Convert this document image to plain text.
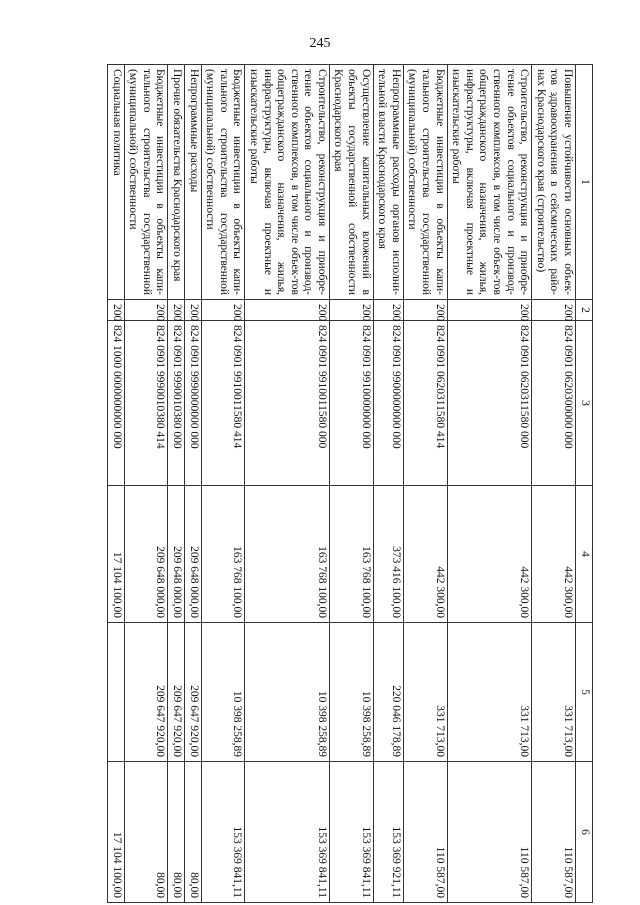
245
1	2	3	4	5	6
Повышение устойчивости основных объек-тов здравоохранения в сейсмических райо-нах Краснодарского края (строительство)	200	824 0901 0620300000 000	442 300,00	331 713,00	110 587,00
Строительство, реконструкция и приобре-тение объектов социального и производ-ственного комплексов, в том числе объек-тов общегражданского назначения, жилья, инфраструктуры, включая проектные и изыскательские работы	200	824 0901 0620311580 000	442 300,00	331 713,00	110 587,00
Бюджетные инвестиции в объекты капи-тального строительства государственной (муниципальной) собственности	200	824 0901 0620311580 414	442 300,00	331 713,00	110 587,00
Непрограммные расходы органов исполни-тельной власти Краснодарского края	200	824 0901 9900000000 000	373 416 100,00	220 046 178,89	153 369 921,11
Осуществление капитальных вложений в объекты государственной собственности Краснодарского края	200	824 0901 9910000000 000	163 768 100,00	10 398 258,89	153 369 841,11
Строительство, реконструкция и приобре-тение объектов социального и производ-ственного комплексов, в том числе объек-тов общегражданского назначения, жилья, инфраструктуры, включая проектные и изыскательские работы	200	824 0901 9910011580 000	163 768 100,00	10 398 258,89	153 369 841,11
Бюджетные инвестиции в объекты капи-тального строительства государственной (муниципальной) собственности	200	824 0901 9910011580 414	163 768 100,00	10 398 258,89	153 369 841,11
Непрограммные расходы	200	824 0901 9990000000 000	209 648 000,00	209 647 920,00	80,00
Прочие обязательства Краснодарского края	200	824 0901 9990010380 000	209 648 000,00	209 647 920,00	80,00
Бюджетные инвестиции в объекты капи-тального строительства государственной (муниципальной) собственности	200	824 0901 9990010380 414	209 648 000,00	209 647 920,00	80,00
Социальная политика	200	824 1000 0000000000 000	17 104 100,00		17 104 100,00
